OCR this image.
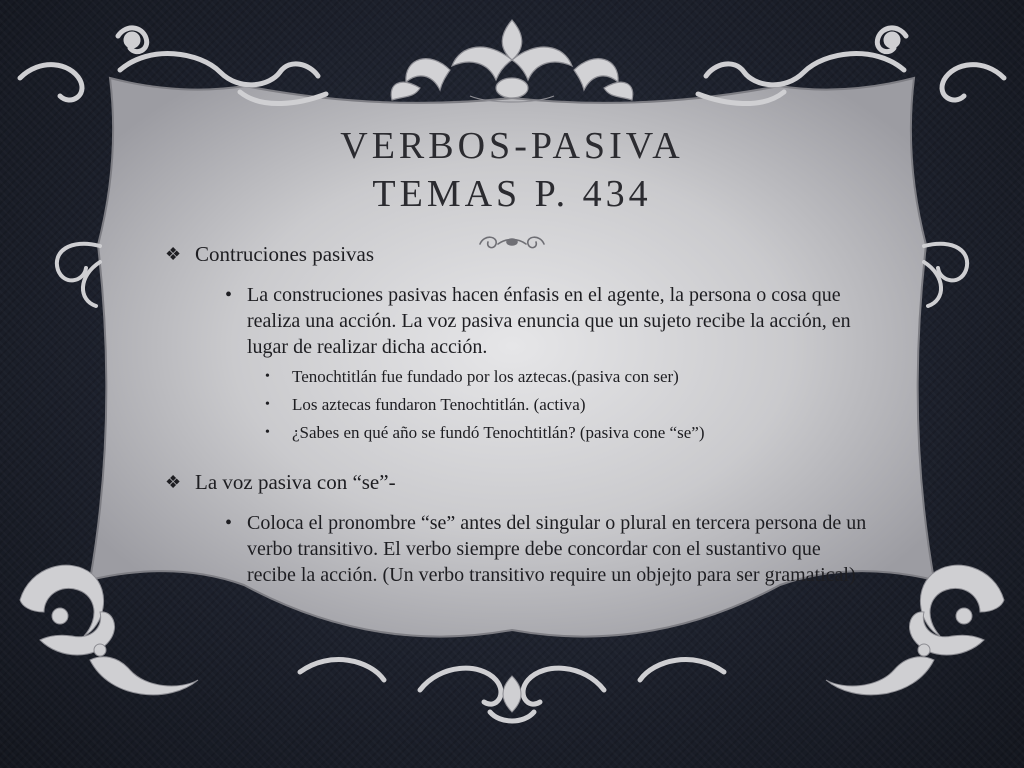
VERBOS-PASIVA
TEMAS P. 434
❖ Contruciones pasivas
• La construciones pasivas hacen énfasis en el agente, la persona o cosa que realiza una acción. La voz pasiva enuncia que un sujeto recibe la acción, en lugar de realizar dicha acción.
• Tenochtitlán fue fundado por los aztecas.(pasiva con ser)
• Los aztecas fundaron Tenochtitlán. (activa)
• ¿Sabes en qué año se fundó Tenochtitlán? (pasiva cone “se”)
❖ La voz pasiva con “se”-
• Coloca el pronombre “se” antes del singular o plural en tercera persona de un verbo transitivo. El verbo siempre debe concordar con el sustantivo que recibe la acción. (Un verbo transitivo require un objejto para ser gramatical)
